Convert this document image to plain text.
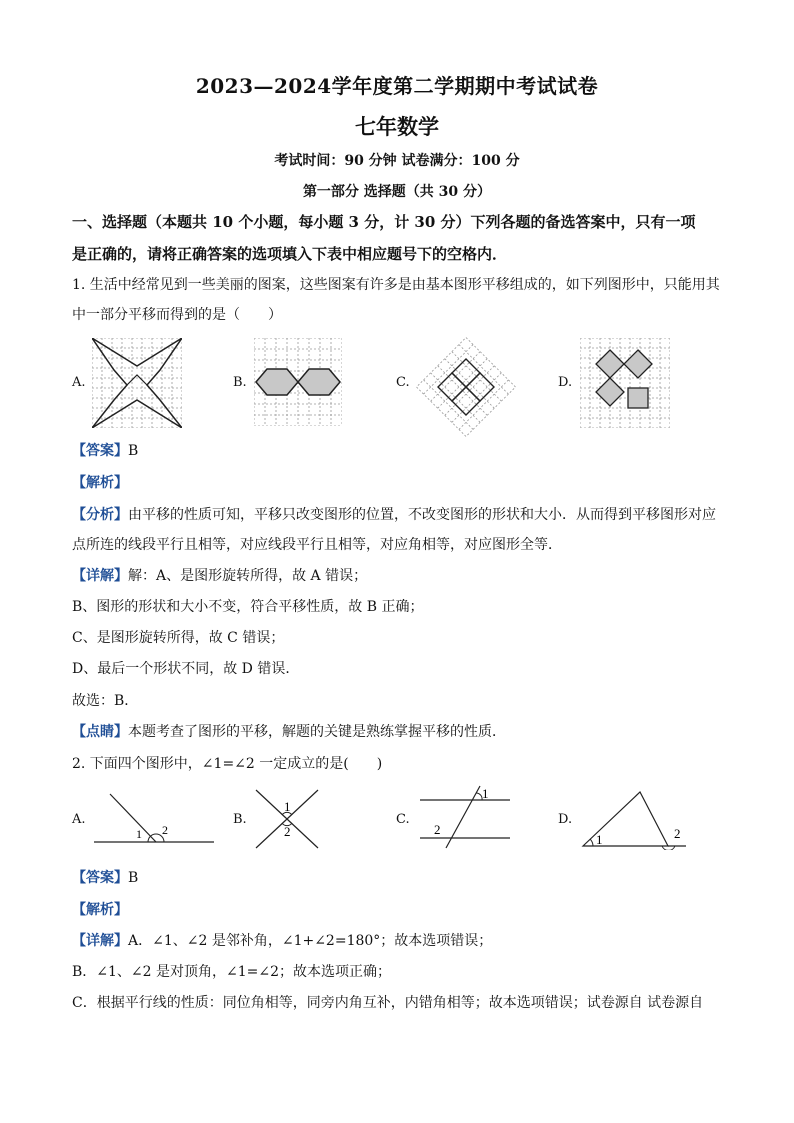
2023—2024学年度第二学期期中考试试卷
七年数学
考试时间：90 分钟 试卷满分：100 分
第一部分 选择题（共 30 分）
一、选择题（本题共 10 个小题，每小题 3 分，计 30 分）下列各题的备选答案中，只有一项
是正确的，请将正确答案的选项填入下表中相应题号下的空格内．
1. 生活中经常见到一些美丽的图案，这些图案有许多是由基本图形平移组成的，如下列图形中，只能用其
中一部分平移而得到的是（　　）
A.	B.	C.	D.
【答案】B
【解析】
【分析】由平移的性质可知，平移只改变图形的位置，不改变图形的形状和大小．从而得到平移图形对应
点所连的线段平行且相等，对应线段平行且相等，对应角相等，对应图形全等．
【详解】解：A、是图形旋转所得，故 A 错误；
B、图形的形状和大小不变，符合平移性质，故 B 正确；
C、是图形旋转所得，故 C 错误；
D、最后一个形状不同，故 D 错误．
故选：B．
【点睛】本题考查了图形的平移，解题的关键是熟练掌握平移的性质．
2. 下面四个图形中，∠1=∠2 一定成立的是(　　)
A.	B.	C.	D.
1 2
1
2
1
2
1	2
【答案】B
【解析】
【详解】A．∠1、∠2 是邻补角，∠1+∠2=180°；故本选项错误；
B．∠1、∠2 是对顶角，∠1=∠2；故本选项正确；
C．根据平行线的性质：同位角相等，同旁内角互补，内错角相等；故本选项错误；试卷源自 试卷源自
